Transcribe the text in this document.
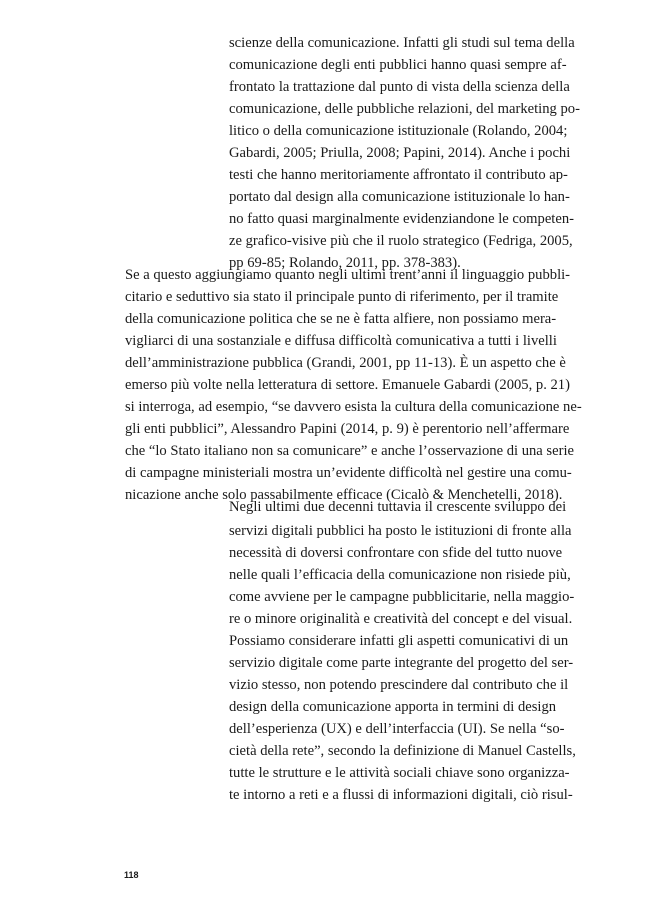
scienze della comunicazione. Infatti gli studi sul tema della
comunicazione degli enti pubblici hanno quasi sempre af-
frontato la trattazione dal punto di vista della scienza della
comunicazione, delle pubbliche relazioni, del marketing po-
litico o della comunicazione istituzionale (Rolando, 2004;
Gabardi, 2005; Priulla, 2008; Papini, 2014). Anche i pochi
testi che hanno meritoriamente affrontato il contributo ap-
portato dal design alla comunicazione istituzionale lo han-
no fatto quasi marginalmente evidenziandone le competen-
ze grafico-visive più che il ruolo strategico (Fedriga, 2005,
pp 69-85; Rolando, 2011, pp. 378-383).
Se a questo aggiungiamo quanto negli ultimi trent’anni il linguaggio pubbli-
citario e seduttivo sia stato il principale punto di riferimento, per il tramite
della comunicazione politica che se ne è fatta alfiere, non possiamo mera-
vigliarci di una sostanziale e diffusa difficoltà comunicativa a tutti i livelli
dell’amministrazione pubblica (Grandi, 2001, pp 11-13). È un aspetto che è
emerso più volte nella letteratura di settore. Emanuele Gabardi (2005, p. 21)
si interroga, ad esempio, “se davvero esista la cultura della comunicazione ne-
gli enti pubblici”, Alessandro Papini (2014, p. 9) è perentorio nell’affermare
che “lo Stato italiano non sa comunicare” e anche l’osservazione di una serie
di campagne ministeriali mostra un’evidente difficoltà nel gestire una comu-
nicazione anche solo passabilmente efficace (Cicalò & Menchetelli, 2018).
Negli ultimi due decenni tuttavia il crescente sviluppo dei
servizi digitali pubblici ha posto le istituzioni di fronte alla
necessità di doversi confrontare con sfide del tutto nuove
nelle quali l’efficacia della comunicazione non risiede più,
come avviene per le campagne pubblicitarie, nella maggio-
re o minore originalità e creatività del concept e del visual.
Possiamo considerare infatti gli aspetti comunicativi di un
servizio digitale come parte integrante del progetto del ser-
vizio stesso, non potendo prescindere dal contributo che il
design della comunicazione apporta in termini di design
dell’esperienza (UX) e dell’interfaccia (UI). Se nella “so-
cietà della rete”, secondo la definizione di Manuel Castells,
tutte le strutture e le attività sociali chiave sono organizza-
te intorno a reti e a flussi di informazioni digitali, ciò risul-
118
